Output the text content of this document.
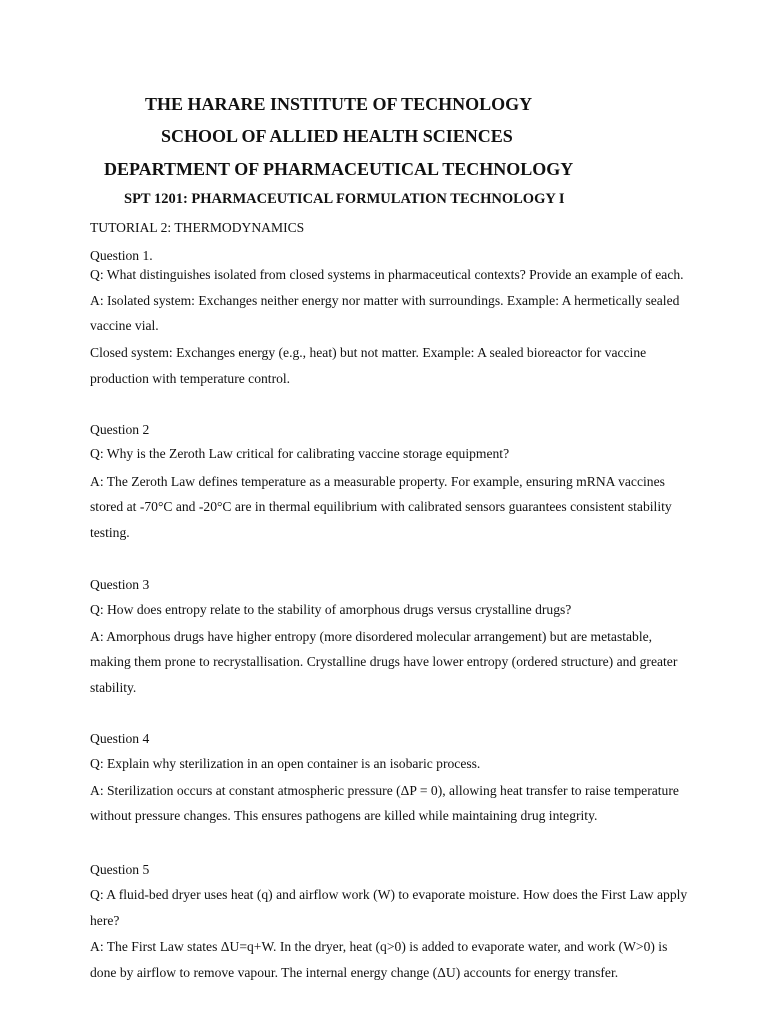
THE HARARE INSTITUTE OF TECHNOLOGY

SCHOOL OF ALLIED HEALTH SCIENCES

DEPARTMENT OF PHARMACEUTICAL TECHNOLOGY

SPT 1201: PHARMACEUTICAL FORMULATION TECHNOLOGY I

TUTORIAL 2: THERMODYNAMICS

Question 1.

Q: What distinguishes isolated from closed systems in pharmaceutical contexts? Provide an example of each.

A: Isolated system: Exchanges neither energy nor matter with surroundings. Example: A hermetically sealed

vaccine vial.

Closed system: Exchanges energy (e.g., heat) but not matter. Example: A sealed bioreactor for vaccine

production with temperature control.

Question 2

Q: Why is the Zeroth Law critical for calibrating vaccine storage equipment?

A: The Zeroth Law defines temperature as a measurable property. For example, ensuring mRNA vaccines

stored at -70°C and -20°C are in thermal equilibrium with calibrated sensors guarantees consistent stability

testing.

Question 3

Q: How does entropy relate to the stability of amorphous drugs versus crystalline drugs?

A: Amorphous drugs have higher entropy (more disordered molecular arrangement) but are metastable,

making them prone to recrystallisation. Crystalline drugs have lower entropy (ordered structure) and greater

stability.

Question 4

Q: Explain why sterilization in an open container is an isobaric process.

A: Sterilization occurs at constant atmospheric pressure (ΔP = 0), allowing heat transfer to raise temperature

without pressure changes. This ensures pathogens are killed while maintaining drug integrity.

Question 5

Q: A fluid-bed dryer uses heat (q) and airflow work (W) to evaporate moisture. How does the First Law apply

here?

A: The First Law states ΔU=q+W. In the dryer, heat (q>0) is added to evaporate water, and work (W>0) is

done by airflow to remove vapour. The internal energy change (ΔU) accounts for energy transfer.
